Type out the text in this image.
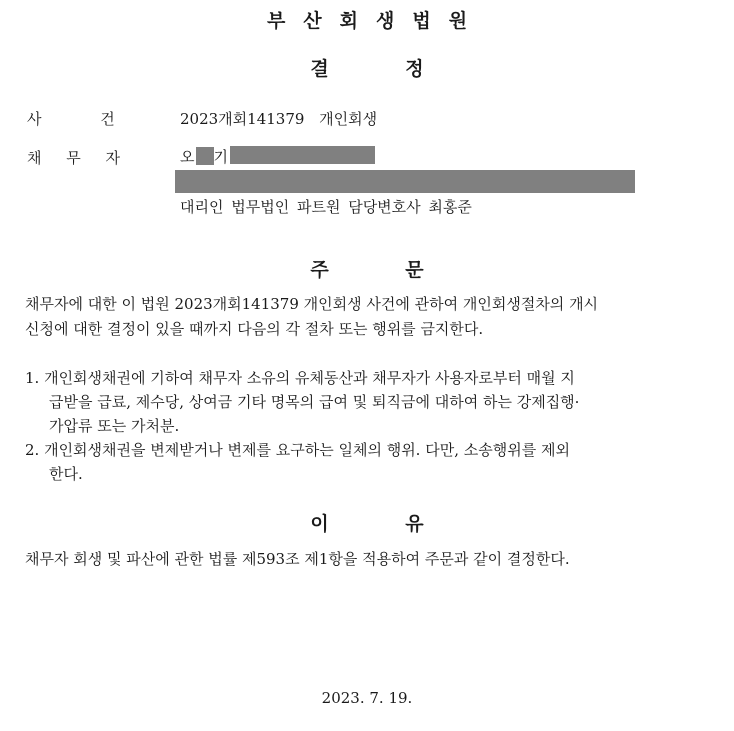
부산회생법원
결 정
사 건	2023개회141379 개인회생
채 무 자	오 기
대리인 법무법인 파트원 담당변호사 최홍준
주 문
채무자에 대한 이 법원 2023개회141379 개인회생 사건에 관하여 개인회생절차의 개시
신청에 대한 결정이 있을 때까지 다음의 각 절차 또는 행위를 금지한다.
1. 개인회생채권에 기하여 채무자 소유의 유체동산과 채무자가 사용자로부터 매월 지
급받을 급료, 제수당, 상여금 기타 명목의 급여 및 퇴직금에 대하여 하는 강제집행·
가압류 또는 가처분.
2. 개인회생채권을 변제받거나 변제를 요구하는 일체의 행위. 다만, 소송행위를 제외
한다.
이 유
채무자 회생 및 파산에 관한 법률 제593조 제1항을 적용하여 주문과 같이 결정한다.
2023. 7. 19.
